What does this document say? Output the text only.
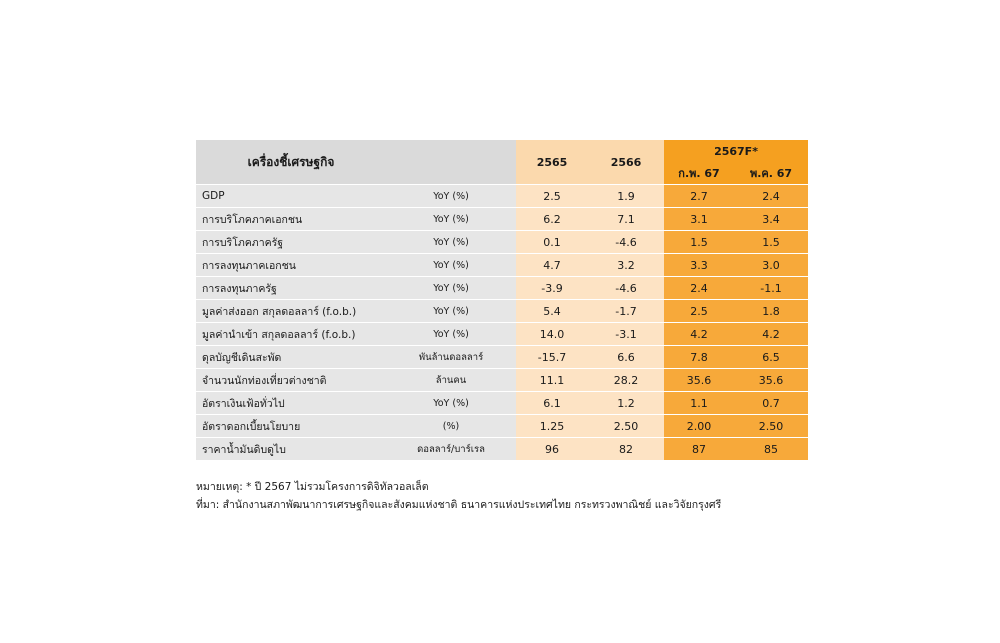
เครื่องชี้เศรษฐกิจ		2565	2566	2567F*	
				ก.พ. 67	พ.ค. 67
GDP	YoY (%)	2.5	1.9	2.7	2.4
การบริโภคภาคเอกชน	YoY (%)	6.2	7.1	3.1	3.4
การบริโภคภาครัฐ	YoY (%)	0.1	-4.6	1.5	1.5
การลงทุนภาคเอกชน	YoY (%)	4.7	3.2	3.3	3.0
การลงทุนภาครัฐ	YoY (%)	-3.9	-4.6	2.4	-1.1
มูลค่าส่งออก สกุลดอลลาร์ (f.o.b.)	YoY (%)	5.4	-1.7	2.5	1.8
มูลค่านำเข้า สกุลดอลลาร์ (f.o.b.)	YoY (%)	14.0	-3.1	4.2	4.2
ดุลบัญชีเดินสะพัด	พันล้านดอลลาร์	-15.7	6.6	7.8	6.5
จำนวนนักท่องเที่ยวต่างชาติ	ล้านคน	11.1	28.2	35.6	35.6
อัตราเงินเฟ้อทั่วไป	YoY (%)	6.1	1.2	1.1	0.7
อัตราดอกเบี้ยนโยบาย	(%)	1.25	2.50	2.00	2.50
ราคาน้ำมันดิบดูไบ	ดอลลาร์/บาร์เรล	96	82	87	85
หมายเหตุ: * ปี 2567 ไม่รวมโครงการดิจิทัลวอลเล็ต
ที่มา: สำนักงานสภาพัฒนาการเศรษฐกิจและสังคมแห่งชาติ ธนาคารแห่งประเทศไทย กระทรวงพาณิชย์ และวิจัยกรุงศรี
